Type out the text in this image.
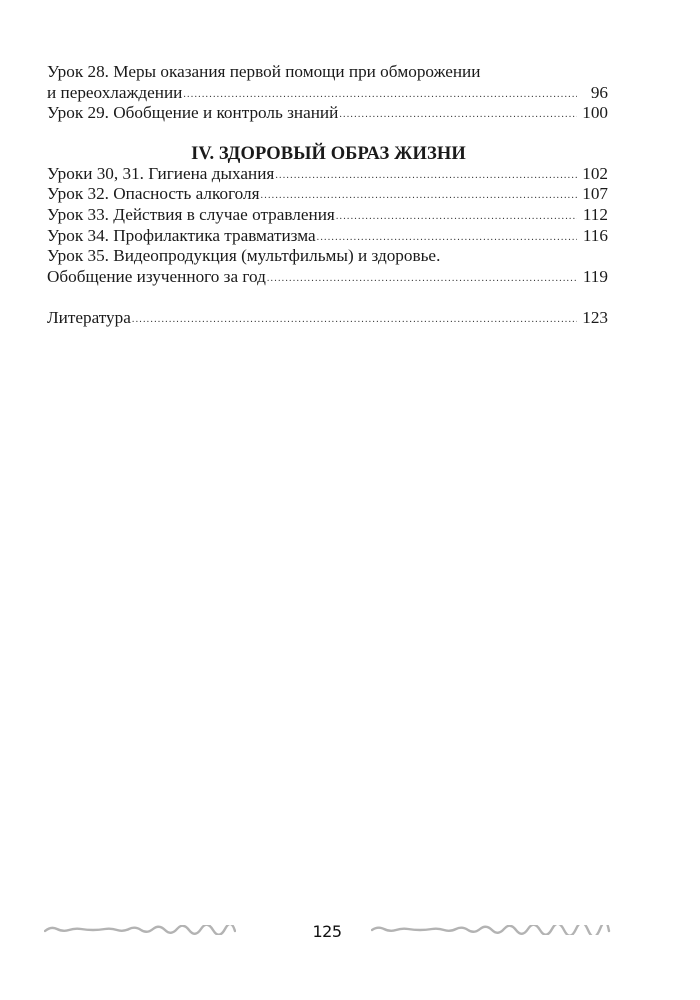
Урок 28. Меры оказания первой помощи при обморожении
и переохлаждении .....	96
Урок 29. Обобщение и контроль знаний .....	100
IV. ЗДОРОВЫЙ ОБРАЗ ЖИЗНИ
Уроки 30, 31. Гигиена дыхания .....	102
Урок 32. Опасность алкоголя .....	107
Урок 33. Действия в случае отравления .....	112
Урок 34. Профилактика травматизма .....	116
Урок 35. Видеопродукция (мультфильмы) и здоровье.
Обобщение изученного за год .....	119
Литература .....	123
125
